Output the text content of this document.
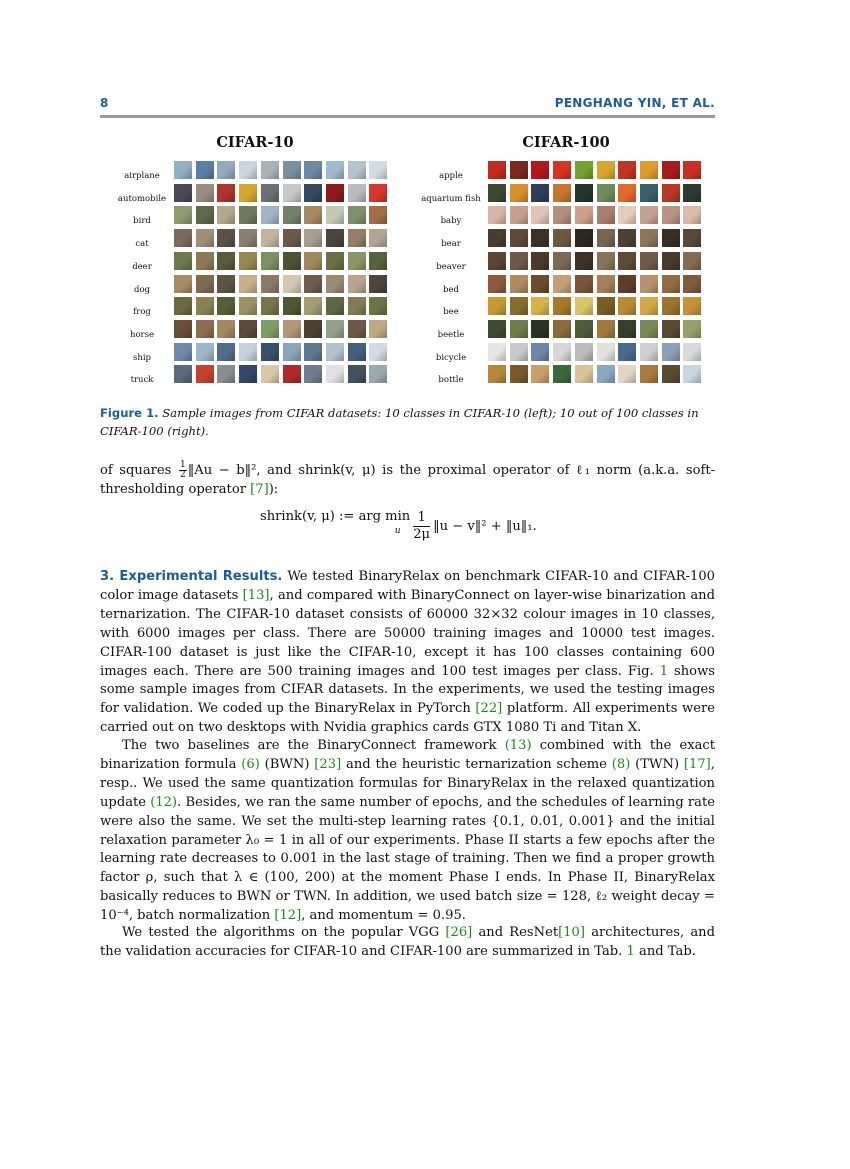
8	PENGHANG YIN, ET AL.
CIFAR-10	CIFAR-100
airplane
automobile
bird
cat
deer
dog
frog
horse
ship
truck
apple
aquarium fish
baby
bear
beaver
bed
bee
beetle
bicycle
bottle
Figure 1. Sample images from CIFAR datasets: 10 classes in CIFAR-10 (left); 10 out of 100 classes in CIFAR-100 (right).
of squares $\frac{1}{2}$ ‖Au − b‖², and shrink(v, μ) is the proximal operator of ℓ₁ norm (a.k.a. soft-thresholding operator [7]):
shrink(v, μ) := arg min
u $\frac{1}{2\mu}$ ‖u − v‖² + ‖u‖₁.
3. Experimental Results. We tested BinaryRelax on benchmark CIFAR-10 and CIFAR-100 color image datasets [13], and compared with BinaryConnect on layer-wise binarization and ternarization. The CIFAR-10 dataset consists of 60000 32×32 colour images in 10 classes, with 6000 images per class. There are 50000 training images and 10000 test images. CIFAR-100 dataset is just like the CIFAR-10, except it has 100 classes containing 600 images each. There are 500 training images and 100 test images per class. Fig. 1 shows some sample images from CIFAR datasets. In the experiments, we used the testing images for validation. We coded up the BinaryRelax in PyTorch [22] platform. All experiments were carried out on two desktops with Nvidia graphics cards GTX 1080 Ti and Titan X.
The two baselines are the BinaryConnect framework (13) combined with the exact binarization formula (6) (BWN) [23] and the heuristic ternarization scheme (8) (TWN) [17], resp.. We used the same quantization formulas for BinaryRelax in the relaxed quantization update (12). Besides, we ran the same number of epochs, and the schedules of learning rate were also the same. We set the multi-step learning rates {0.1, 0.01, 0.001} and the initial relaxation parameter λ₀ = 1 in all of our experiments. Phase II starts a few epochs after the learning rate decreases to 0.001 in the last stage of training. Then we find a proper growth factor ρ, such that λ ∈ (100, 200) at the moment Phase I ends. In Phase II, BinaryRelax basically reduces to BWN or TWN. In addition, we used batch size = 128, ℓ₂ weight decay = 10⁻⁴, batch normalization [12], and momentum = 0.95.
We tested the algorithms on the popular VGG [26] and ResNet[10] architectures, and the validation accuracies for CIFAR-10 and CIFAR-100 are summarized in Tab. 1 and Tab.
